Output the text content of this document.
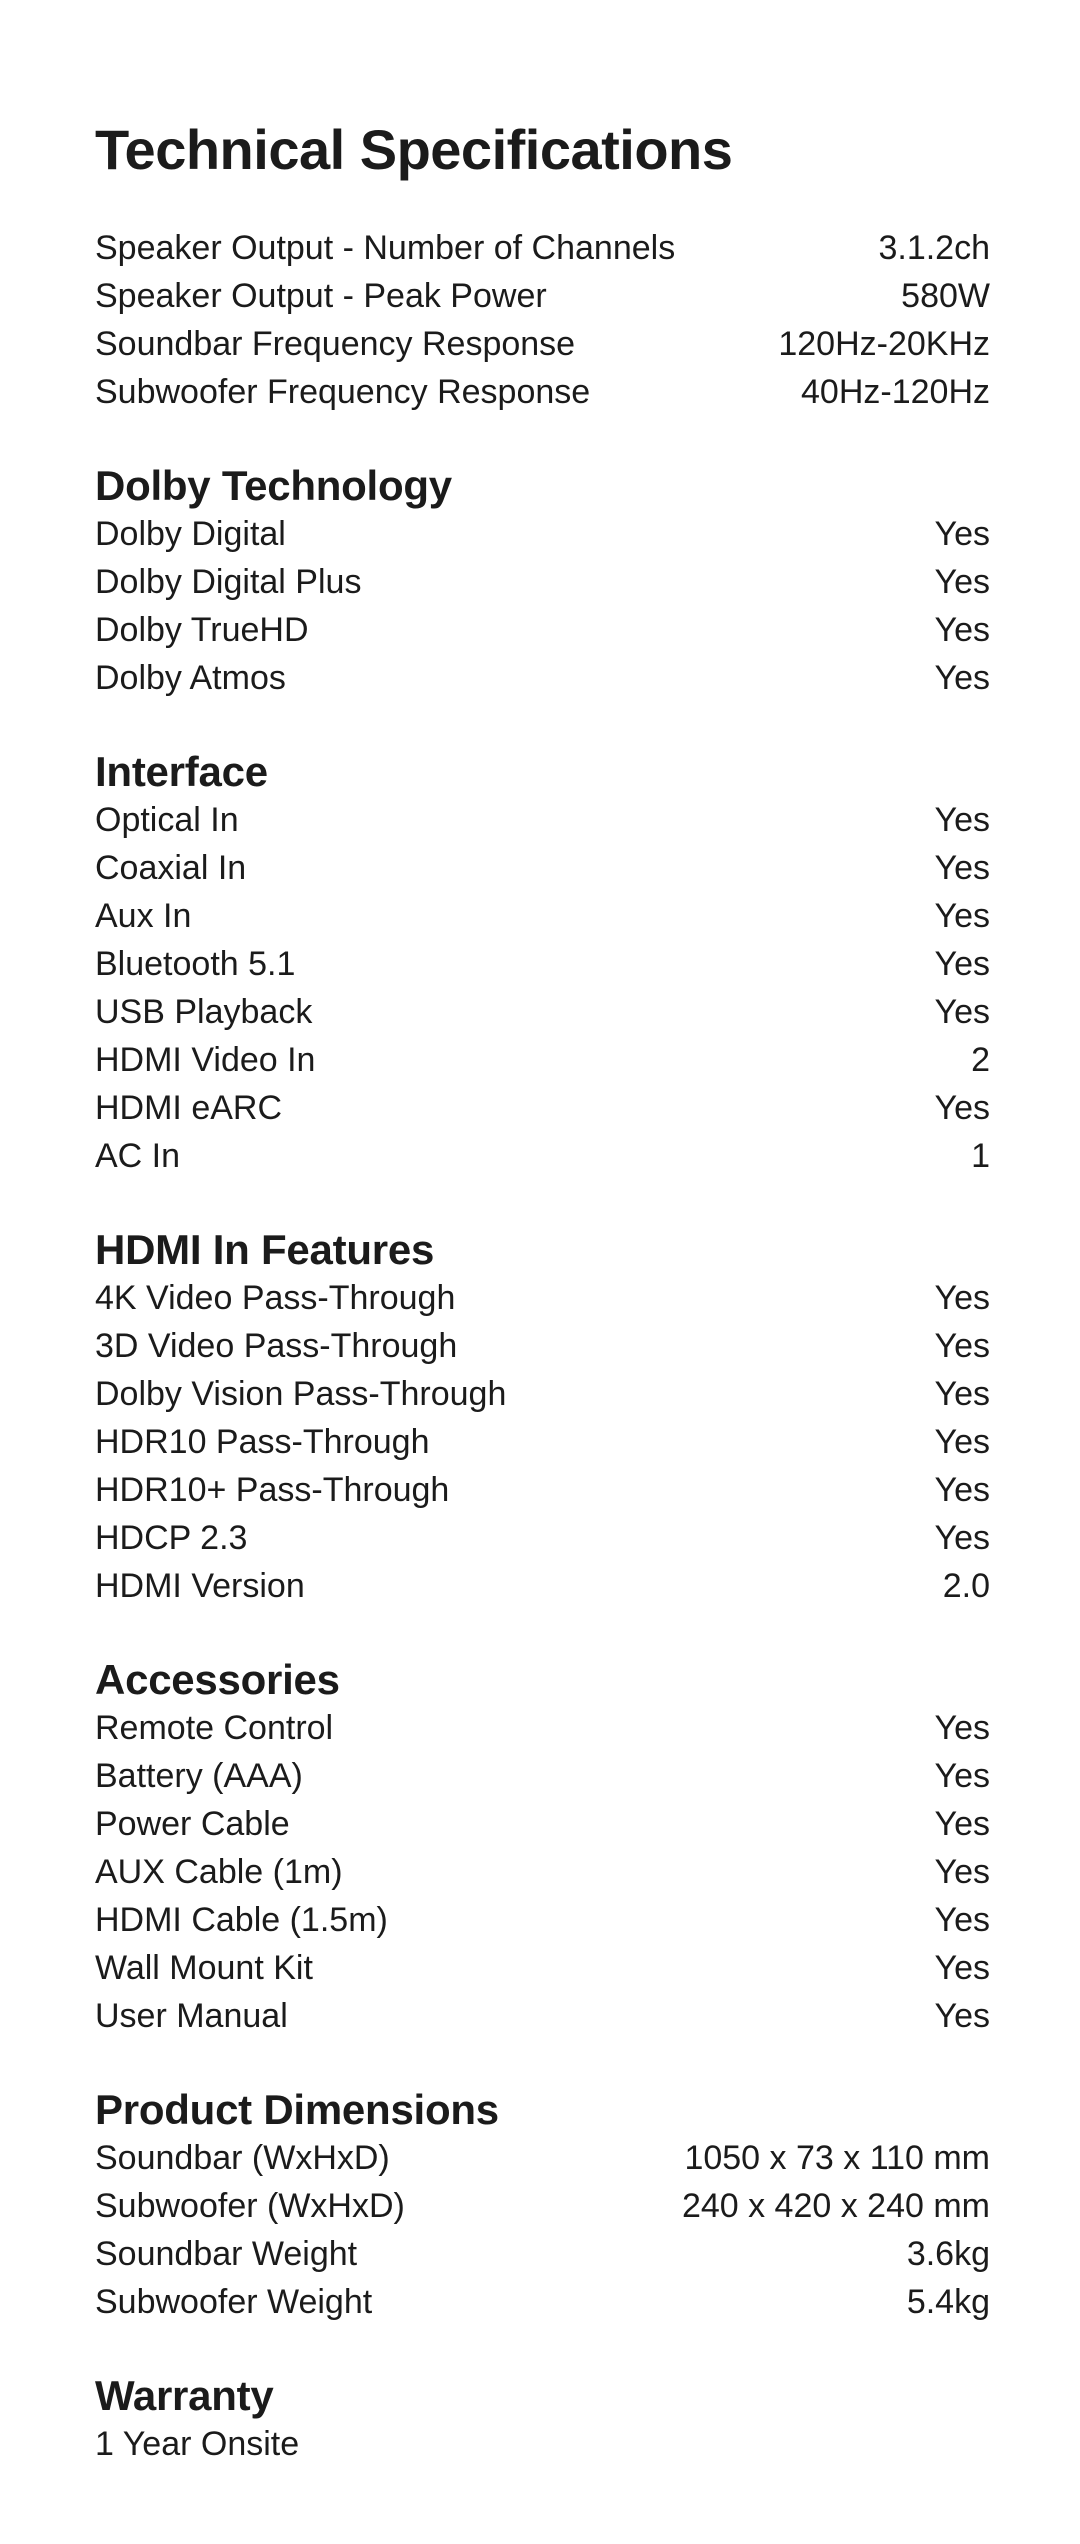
Technical Specifications
Speaker Output - Number of Channels	3.1.2ch
Speaker Output - Peak Power	580W
Soundbar Frequency Response	120Hz-20KHz
Subwoofer Frequency Response	40Hz-120Hz
Dolby Technology
Dolby Digital	Yes
Dolby Digital Plus	Yes
Dolby TrueHD	Yes
Dolby Atmos	Yes
Interface
Optical In	Yes
Coaxial In	Yes
Aux In	Yes
Bluetooth 5.1	Yes
USB Playback	Yes
HDMI Video In	2
HDMI eARC	Yes
AC In	1
HDMI In Features
4K Video Pass-Through	Yes
3D Video Pass-Through	Yes
Dolby Vision Pass-Through	Yes
HDR10 Pass-Through	Yes
HDR10+ Pass-Through	Yes
HDCP 2.3	Yes
HDMI Version	2.0
Accessories
Remote Control	Yes
Battery (AAA)	Yes
Power Cable	Yes
AUX Cable (1m)	Yes
HDMI Cable (1.5m)	Yes
Wall Mount Kit	Yes
User Manual	Yes
Product Dimensions
Soundbar (WxHxD)	1050 x 73 x 110 mm
Subwoofer (WxHxD)	240 x 420 x 240 mm
Soundbar Weight	3.6kg
Subwoofer Weight	5.4kg
Warranty
1 Year Onsite
